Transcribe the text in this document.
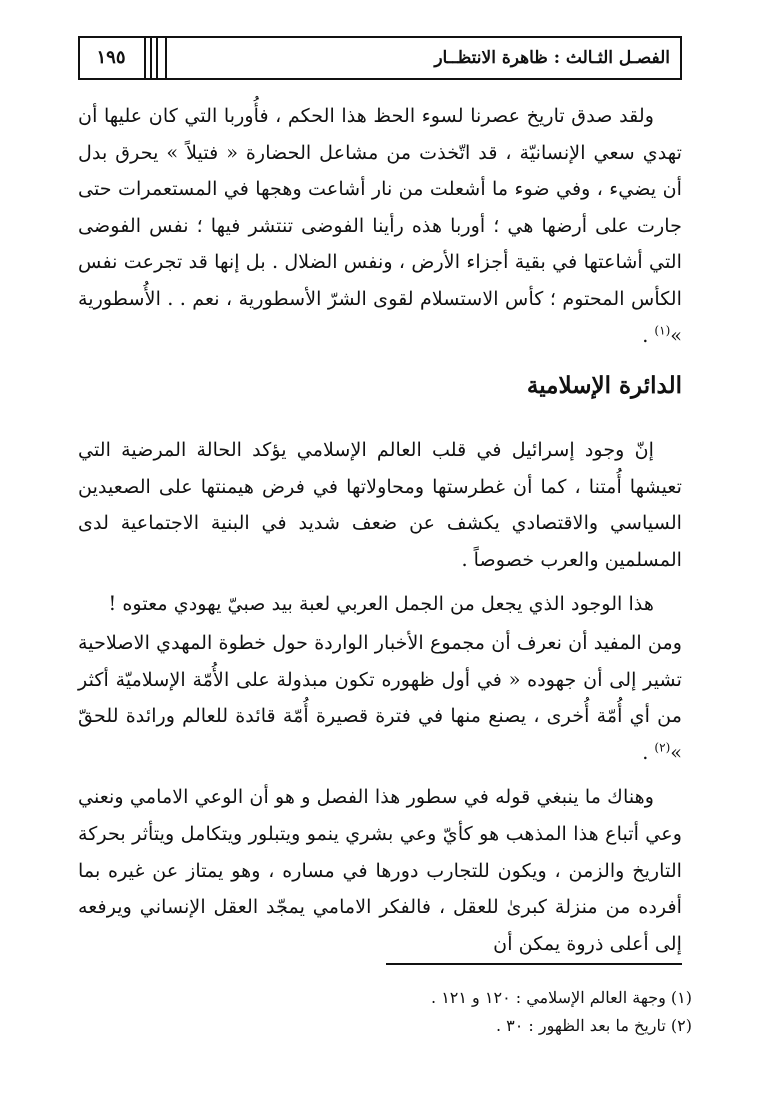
الفصـل الثـالث : ظاهرة الانتظــار
١٩٥

ولقد صدق تاريخ عصرنا لسوء الحظ هذا الحكم ، فأُوربا التي كان عليها أن تهدي سعي الإنسانيّة ، قد اتّخذت من مشاعل الحضارة « فتيلاً » يحرق بدل أن يضيء ، وفي ضوء ما أشعلت من نار أشاعت وهجها في المستعمرات حتى جارت على أرضها هي ؛ أوربا هذه رأينا الفوضى تنتشر فيها ؛ نفس الفوضى التي أشاعتها في بقية أجزاء الأرض ، ونفس الضلال . بل إنها قد تجرعت نفس الكأس المحتوم ؛ كأس الاستسلام لقوى الشرّ الأسطورية ، نعم . . الأُسطورية »$^{(١)}$ .

الدائرة الإسلامية

إنّ وجود إسرائيل في قلب العالم الإسلامي يؤكد الحالة المرضية التي تعيشها أُمتنا ، كما أن غطرستها ومحاولاتها في فرض هيمنتها على الصعيدين السياسي والاقتصادي يكشف عن ضعف شديد في البنية الاجتماعية لدى المسلمين والعرب خصوصاً .

هذا الوجود الذي يجعل من الجمل العربي لعبة بيد صبيّ يهودي معتوه !

ومن المفيد أن نعرف أن مجموع الأخبار الواردة حول خطوة المهدي الاصلاحية تشير إلى أن جهوده « في أول ظهوره تكون مبذولة على الأُمّة الإسلاميّة أكثر من أي أُمّة أُخرى ، يصنع منها في فترة قصيرة أُمّة قائدة للعالم ورائدة للحقّ »$^{(٢)}$ .

وهناك ما ينبغي قوله في سطور هذا الفصل و هو أن الوعي الامامي ونعني وعي أتباع هذا المذهب هو كأيّ وعي بشري ينمو ويتبلور ويتكامل ويتأثر بحركة التاريخ والزمن ، ويكون للتجارب دورها في مساره ، وهو يمتاز عن غيره بما أفرده من منزلة كبرىٰ للعقل ، فالفكر الامامي يمجّد العقل الإنساني ويرفعه إلى أعلى ذروة يمكن أن

(١) وجهة العالم الإسلامي : ١٢٠ و ١٢١ .

(٢) تاريخ ما بعد الظهور : ٣٠ .
